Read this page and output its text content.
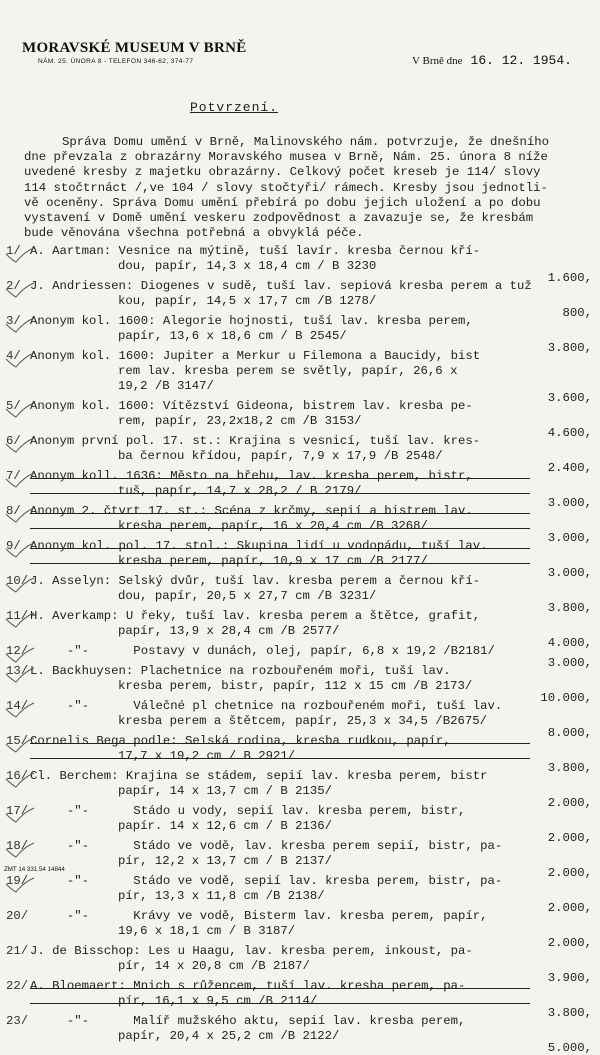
MORAVSKÉ MUSEUM V BRNĚ
NÁM. 25. ÚNORA 8 - TELEFON 346-62, 374-77	V Brně dne 16. 12. 1954.
Potvrzení.
Správa Domu umění v Brně, Malinovského nám. potvrzuje, že dnešního
dne převzala z obrazárny Moravského musea v Brně, Nám. 25. února 8 níže
uvedené kresby z majetku obrazárny. Celkový počet kreseb je 114/ slovy
114 stočtrnáct /,ve 104 / slovy stočtyři/ rámech. Kresby jsou jednotli-
vě oceněny. Správa Domu umění přebírá po dobu jejich uložení a po dobu
vystavení v Domě umění veskeru zodpovědnost a zavazuje se, že kresbám
bude věnována všechna potřebná a obvyklá péče.
1/ A. Aartman: Vesnice na mýtině, tuší lavír. kresba černou kří-
dou, papír, 14,3 x 18,4 cm / B 3230
1.600,
2/ J. Andriessen: Diogenes v sudě, tuší lav. sepiová kresba perem a tuž
kou, papír, 14,5 x 17,7 cm /B 1278/
800,
3/ Anonym kol. 1600: Alegorie hojnosti, tuší lav. kresba perem,
papír, 13,6 x 18,6 cm / B 2545/
3.800,
4/ Anonym kol. 1600: Jupiter a Merkur u Filemona a Baucidy, bist
rem lav. kresba perem se světly, papír, 26,6 x
19,2 /B 3147/
3.600,
5/ Anonym kol. 1600: Vítězství Gideona, bistrem lav. kresba pe-
rem, papír, 23,2x18,2 cm /B 3153/
4.600,
6/ Anonym první pol. 17. st.: Krajina s vesnicí, tuší lav. kres-
ba černou křídou, papír, 7,9 x 17,9 /B 2548/
2.400,
7/ Anonym koll. 1636: Město na břehu, lav. kresba perem, bistr,
tuš, papír, 14,7 x 28,2 / B 2179/
3.000,
8/ Anonym 2. čtvrt 17. st.: Scéna z krčmy, sepií a bistrem lav.
kresba perem, papír, 16 x 20,4 cm /B 3268/
3.000,
9/ Anonym kol. pol. 17. stol.: Skupina lidí u vodopádu, tuší lav.
kresba perem, papír, 10,9 x 17 cm /B 2177/
3.000,
10/ J. Asselyn: Selský dvůr, tuší lav. kresba perem a černou kří-
dou, papír, 20,5 x 27,7 cm /B 3231/
3.800,
11/ H. Averkamp: U řeky, tuší lav. kresba perem a štětce, grafit,
papír, 13,9 x 28,4 cm /B 2577/
4.000,
12/ -"-      Postavy v dunách, olej, papír, 6,8 x 19,2 /B2181/
3.000,
13/ L. Backhuysen: Plachetnice na rozbouřeném moři, tuší lav.
kresba perem, bistr, papír, 112 x 15 cm /B 2173/
10.000,
14/ -"-      Válečné pl chetnice na rozbouřeném moři, tuší lav.
kresba perem a štětcem, papír, 25,3 x 34,5 /B2675/
8.000,
15/ Cornelis Bega podle: Selská rodina, kresba rudkou, papír,
17,7 x 19,2 cm / B 2921/
3.800,
16/ Cl. Berchem: Krajina se stádem, sepií lav. kresba perem, bistr
papír, 14 x 13,7 cm / B 2135/
2.000,
17/ -"-      Stádo u vody, sepií lav. kresba perem, bistr,
papír. 14 x 12,6 cm / B 2136/
2.000,
18/ -"-      Stádo ve vodě, lav. kresba perem sepií, bistr, pa-
pír, 12,2 x 13,7 cm / B 2137/
2.000,
19/ -"-      Stádo ve vodě, sepií lav. kresba perem, bistr, pa-
pír, 13,3 x 11,8 cm /B 2138/
2.000,
20/ -"-      Krávy ve vodě, Bisterm lav. kresba perem, papír,
19,6 x 18,1 cm / B 3187/
2.000,
21/ J. de Bisschop: Les u Haagu, lav. kresba perem, inkoust, pa-
pír, 14 x 20,8 cm /B 2187/
3.900,
22/ A. Bloemaert: Mnich s růžencem, tuší lav. kresba perem, pa-
pír, 16,1 x 9,5 cm /B 2114/
3.800,
23/ -"-      Malíř mužského aktu, sepií lav. kresba perem,
papír, 20,4 x 25,2 cm /B 2122/
5.000,
ZMT 14 331.54 14844
